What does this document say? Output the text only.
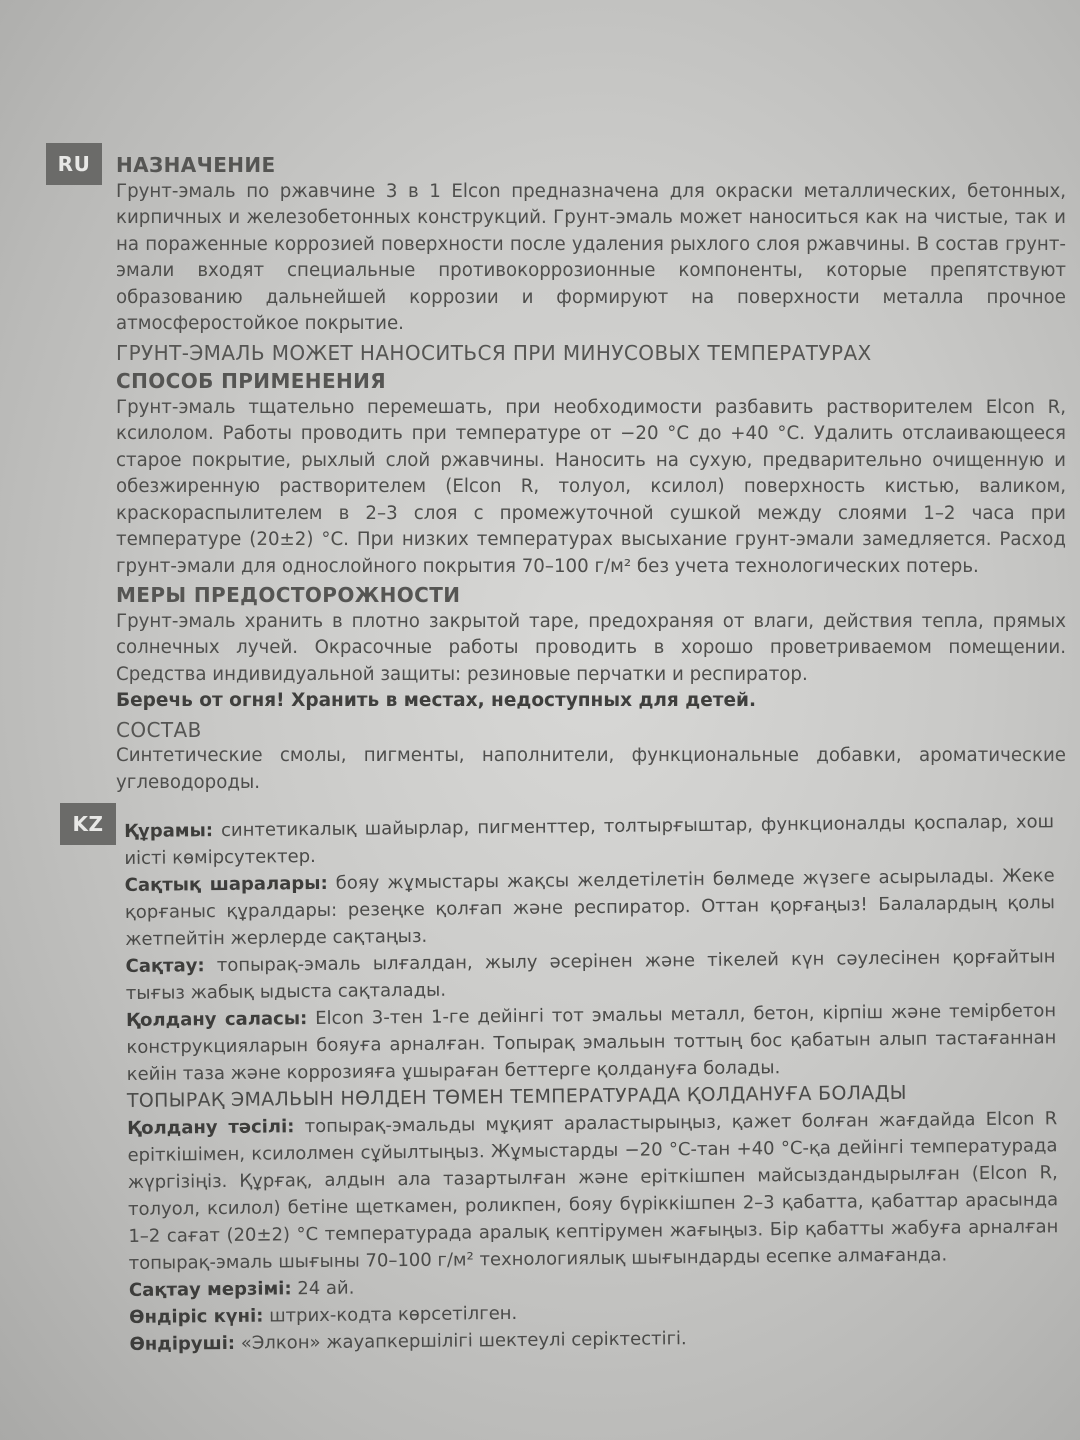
RU
KZ
НАЗНАЧЕНИЕ
Грунт-эмаль по ржавчине 3 в 1 Elcon предназначена для окраски металлических, бетонных, кирпичных и железобетонных конструкций. Грунт-эмаль может наноситься как на чистые, так и на пораженные коррозией поверхности после удаления рыхлого слоя ржавчины. В состав грунт-эмали входят специальные противокоррозионные компоненты, которые препятствуют образованию дальнейшей коррозии и формируют на поверхности металла прочное атмосферостойкое покрытие.
ГРУНТ-ЭМАЛЬ МОЖЕТ НАНОСИТЬСЯ ПРИ МИНУСОВЫХ ТЕМПЕРАТУРАХ
СПОСОБ ПРИМЕНЕНИЯ
Грунт-эмаль тщательно перемешать, при необходимости разбавить растворителем Elcon R, ксилолом. Работы проводить при температуре от −20 °С до +40 °С. Удалить отслаивающееся старое покрытие, рыхлый слой ржавчины. Наносить на сухую, предварительно очищенную и обезжиренную растворителем (Elcon R, толуол, ксилол) поверхность кистью, валиком, краскораспылителем в 2–3 слоя с промежуточной сушкой между слоями 1–2 часа при температуре (20±2) °С. При низких температурах высыхание грунт-эмали замедляется. Расход грунт-эмали для однослойного покрытия 70–100 г/м² без учета технологических потерь.
МЕРЫ ПРЕДОСТОРОЖНОСТИ
Грунт-эмаль хранить в плотно закрытой таре, предохраняя от влаги, действия тепла, прямых солнечных лучей. Окрасочные работы проводить в хорошо проветриваемом помещении. Средства индивидуальной защиты: резиновые перчатки и респиратор.
Беречь от огня! Хранить в местах, недоступных для детей.
СОСТАВ
Синтетические смолы, пигменты, наполнители, функциональные добавки, ароматические углеводороды.
Құрамы: синтетикалық шайырлар, пигменттер, толтырғыштар, функционалды қоспалар, хош иісті көмірсутектер.
Сақтық шаралары: бояу жұмыстары жақсы желдетілетін бөлмеде жүзеге асырылады. Жеке қорғаныс құралдары: резеңке қолғап және респиратор. Оттан қорғаңыз! Балалардың қолы жетпейтін жерлерде сақтаңыз.
Сақтау: топырақ-эмаль ылғалдан, жылу әсерінен және тікелей күн сәулесінен қорғайтын тығыз жабық ыдыста сақталады.
Қолдану саласы: Elcon 3-тен 1-ге дейінгі тот эмальы металл, бетон, кірпіш және темірбетон конструкцияларын бояуға арналған. Топырақ эмальын тоттың бос қабатын алып тастағаннан кейін таза және коррозияға ұшыраған беттерге қолдануға болады.
ТОПЫРАҚ ЭМАЛЬЫН НӨЛДЕН ТӨМЕН ТЕМПЕРАТУРАДА ҚОЛДАНУҒА БОЛАДЫ
Қолдану тәсілі: топырақ-эмальды мұқият араластырыңыз, қажет болған жағдайда Elcon R еріткішімен, ксилолмен сұйылтыңыз. Жұмыстарды −20 °С-тан +40 °С-қа дейінгі температурада жүргізіңіз. Құрғақ, алдын ала тазартылған және еріткішпен майсыздандырылған (Elcon R, толуол, ксилол) бетіне щеткамен, роликпен, бояу бүріккішпен 2–3 қабатта, қабаттар арасында 1–2 сағат (20±2) °С температурада аралық кептірумен жағыңыз. Бір қабатты жабуға арналған топырақ-эмаль шығыны 70–100 г/м² технологиялық шығындарды есепке алмағанда.
Сақтау мерзімі: 24 ай.
Өндіріс күні: штрих-кодта көрсетілген.
Өндіруші: «Элкон» жауапкершілігі шектеулі серіктестігі.
